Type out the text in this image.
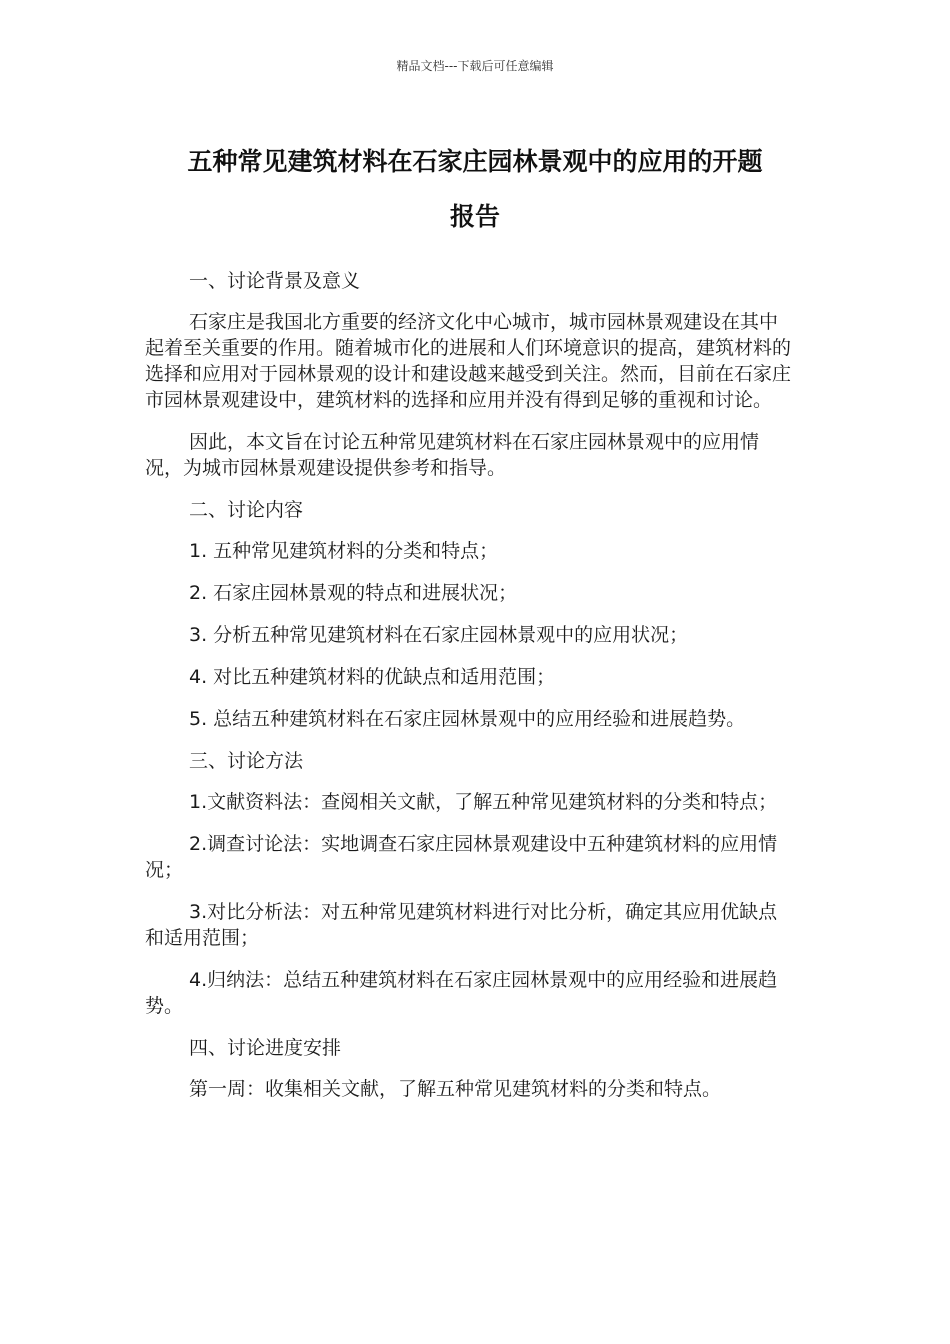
精品文档---下载后可任意编辑
五种常见建筑材料在石家庄园林景观中的应用的开题
报告

一、讨论背景及意义

石家庄是我国北方重要的经济文化中心城市，城市园林景观建设在其中起着至关重要的作用。随着城市化的进展和人们环境意识的提高，建筑材料的选择和应用对于园林景观的设计和建设越来越受到关注。然而，目前在石家庄市园林景观建设中，建筑材料的选择和应用并没有得到足够的重视和讨论。

因此，本文旨在讨论五种常见建筑材料在石家庄园林景观中的应用情况，为城市园林景观建设提供参考和指导。

二、讨论内容

1. 五种常见建筑材料的分类和特点；

2. 石家庄园林景观的特点和进展状况；

3. 分析五种常见建筑材料在石家庄园林景观中的应用状况；

4. 对比五种建筑材料的优缺点和适用范围；

5. 总结五种建筑材料在石家庄园林景观中的应用经验和进展趋势。

三、讨论方法

1.文献资料法：查阅相关文献，了解五种常见建筑材料的分类和特点；

2.调查讨论法：实地调查石家庄园林景观建设中五种建筑材料的应用情况；

3.对比分析法：对五种常见建筑材料进行对比分析，确定其应用优缺点和适用范围；

4.归纳法：总结五种建筑材料在石家庄园林景观中的应用经验和进展趋势。

四、讨论进度安排

第一周：收集相关文献，了解五种常见建筑材料的分类和特点。
